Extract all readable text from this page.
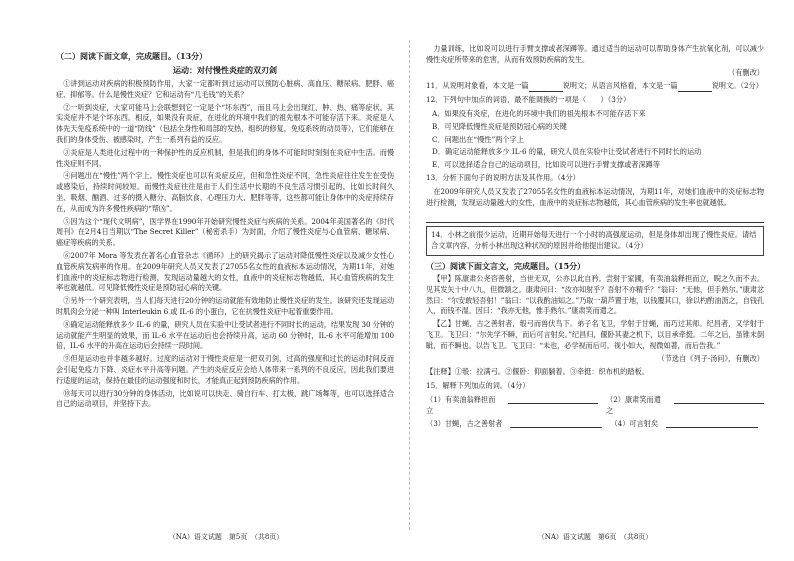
（二）阅读下面文章，完成题目。（13分）
运动：对付慢性炎症的双刃剑

①讲到运动对疾病的积极预防作用，大家一定都听到过运动可以预防心脏病、高血压、糖尿病、肥胖、癌症、抑郁等。什么是慢性炎症？它和运动有“几毛钱”的关系？

②一听到炎症，大家可能马上会联想到它一定是个“坏东西”，而且马上会出现红、肿、热、痛等症状。其实炎症并不是个坏东西。相反，如果没有炎症，在进化的环境中我们的祖先根本不可能存活下来。炎症是人体先天免疫系统中的一道“防线”（包括全身性和局部的发热，组织的修复，免疫系统的动员等），它们能够在我们的身体受伤、被感染时，产生一系列有益的反应。

③炎症是人类进化过程中的一种保护性的反应机制，但是我们的身体不可能时时刻刻在炎症中生活。而慢性炎症则不同。

④问题出在“慢性”两个字上。慢性炎症也可以有炎症反应，但和急性炎症不同，急性炎症往往发生在受伤或感染后，持续时间较短。而慢性炎症往往是由于人们生活中长期的不良生活习惯引起的，比如长时间久坐、吸烟、酗酒、过多的摄入糖分、高脂饮食、心理压力大、肥胖等等，这些都可能让身体中的炎症持续存在，从而成为许多慢性疾病的“帮凶”。

⑤因为这个“现代文明病”，医学界在1990年开始研究慢性炎症与疾病的关系。2004年美国著名的《时代周刊》在2月4日当期以“The Secret Killer”（秘密杀手）为封面，介绍了慢性炎症与心血管病、糖尿病、癌症等疾病的关系。

⑥2007年 Mora 等发表在著名心血管杂志《循环》上的研究揭示了运动对降低慢性炎症以及减少女性心血管疾病发病率的作用。在2009年研究人员又发表了27055名女性的血液标本运动情况，为期11年，对她们血液中的炎症标志物进行检测，发现运动量越大的女性，血液中的炎症标志物越低，其心血管疾病的发生率也就越低。可见降低慢性炎症是预防冠心病的关键。

⑦另外一个研究表明，当人们每天进行20分钟的运动就能有效地防止慢性炎症的发生。该研究还发现运动时肌肉会分泌一种叫 Interleukin 6 或 IL-6 的小蛋白，它在抗慢性炎症中起着重要作用。

⑧确定运动能释放多少 IL-6 的量，研究人员在实验中让受试者进行不同时长的运动，结果发现 30 分钟的运动就能产生明显的效果，而 IL-6 水平在运动后也会持续升高，运动 60 分钟时，IL-6 水平可能增加 100 倍，IL-6 水平的升高在运动后会持续一段时间。

⑨但是运动也并非越多越好。过度的运动对于慢性炎症是一把双刃剑，过高的强度和过长的运动时间反而会引起免疫力下降、炎症水平升高等问题。产生的炎症反应会给人体带来一系列的不良反应，因此我们要进行适度的运动，保持在最佳的运动强度和时长，才能真正起到预防疾病的作用。

⑩每天可以进行30分钟的身体活动，比如说可以快走、骑自行车、打太极、跳广场舞等，也可以选择适合自己的运动项目，并坚持下去。

力量训练，比如说可以进行手臂支撑或者深蹲等。通过适当的运动可以帮助身体产生抗氧化剂，可以减少慢性炎症所带来的危害，从而有效预防疾病的发生。

（有删改）
11．从说明对象看，本文是一篇	说明文；从语言风格看，本文是一篇	说明文。（2分）
12．下列句中加点的词语，最不能调换的一项是（　　）（3分）
A．如果没有炎症，在进化的环境中我们的祖先根本不可能存活下来
B．可见降低慢性炎症是预防冠心病的关键
C．问题出在“慢性”两个字上
D．确定运动能释放多少 IL-6 的量，研究人员在实验中让受试者进行不同时长的运动
E．可以选择适合自己的运动项目，比如说可以进行手臂支撑或者深蹲等
13．分析下面句子的说明方法及其作用。（4分）

在2009年研究人员又发表了27055名女性的血液标本运动情况，为期11年，对她们血液中的炎症标志物进行检测，发现运动量越大的女性，血液中的炎症标志物越低，其心血管疾病的发生率也就越低。

14．小林之前很少运动，近期开始每天进行一个小时的高强度运动，但是身体却出现了慢性炎症。请结合文章内容，分析小林出现这种状况的原因并给他提出建议。（4分）
（三）阅读下面文言文，完成题目。（15分）

【甲】陈康肃公尧咨善射，当世无双，公亦以此自矜。尝射于家圃，有卖油翁释担而立，睨之久而不去。见其发矢十中八九，但微颔之。康肃问曰：“汝亦知射乎？吾射不亦精乎？”翁曰：“无他，但手熟尔。”康肃忿然曰：“尔安敢轻吾射！”翁曰：“以我酌油知之。”乃取一葫芦置于地，以钱覆其口，徐以杓酌油沥之，自钱孔入，而钱不湿。因曰：“我亦无他，惟手熟尔。”康肃笑而遣之。

【乙】甘蝇，古之善射者，彀弓而兽伏鸟下。弟子名飞卫，学射于甘蝇，而巧过其师。纪昌者，又学射于飞卫。飞卫曰：“尔先学不瞬，而后可言射矣。”纪昌归，偃卧其妻之机下，以目承牵挺。二年之后，虽锥末倒眦，而不瞬也。以告飞卫。飞卫曰：“未也，必学视而后可。视小如大，视微如著，而后告我。”

（节选自《列子·汤问》，有删改）
【注释】①彀：拉满弓。②偃卧：仰面躺着。③牵挺：织布机的踏板。
15．解释下列加点的词。（4分）
（1）有卖油翁释担而立
（2）康肃笑而遣之
（3）甘蝇，古之善射者	（4）可言射矣
（NA）语文试题　第5页　（共8页）	（NA）语文试题　第6页　（共8页）
